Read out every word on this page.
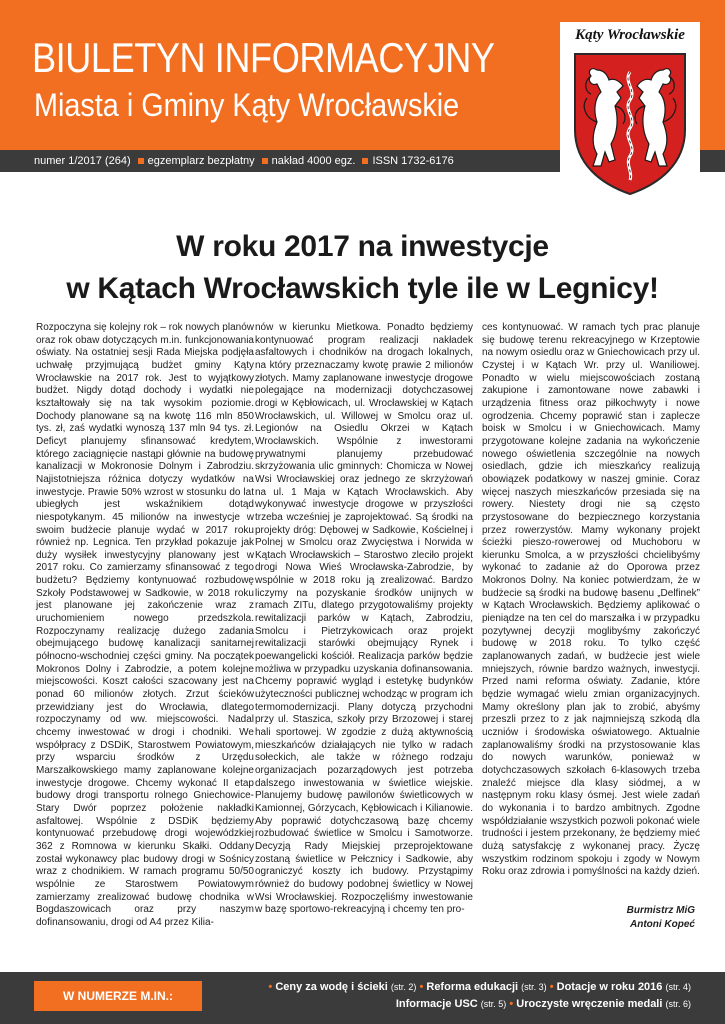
BIULETYN INFORMACYJNY
Miasta i Gminy Kąty Wrocławskie
numer 1/2017 (264) egzemplarz bezpłatny nakład 4000 egz. ISSN 1732-6176
Kąty Wrocławskie
W roku 2017 na inwestycje
w Kątach Wrocławskich tyle ile w Legnicy!

Rozpoczyna się kolejny rok – rok nowych planów oraz rok obaw dotyczących m.in. funkcjonowania oświaty. Na ostatniej sesji Rada Miejska podjęła uchwałę przyjmującą budżet gminy Kąty Wrocławskie na 2017 rok. Jest to wyjątkowy budżet. Nigdy dotąd dochody i wydatki nie kształtowały się na tak wysokim poziomie. Dochody planowane są na kwotę 116 mln 850 tys. zł, zaś wydatki wynoszą 137 mln 94 tys. zł. Deficyt planujemy sfinansować kredytem, którego zaciągnięcie nastąpi głównie na budowę kanalizacji w Mokronosie Dolnym i Zabrodziu. Najistotniejsza różnica dotyczy wydatków na inwestycje. Prawie 50% wzrost w stosunku do lat ubiegłych jest wskaźnikiem dotąd niespotykanym. 45 milionów na inwestycje w swoim budżecie planuje wydać w 2017 roku również np. Legnica. Ten przykład pokazuje jak duży wysiłek inwestycyjny planowany jest w 2017 roku. Co zamierzamy sfinansować z tego budżetu? Będziemy kontynuować rozbudowę Szkoły Podstawowej w Sadkowie, w 2018 roku jest planowane jej zakończenie wraz z uruchomieniem nowego przedszkola. Rozpoczynamy realizację dużego zadania obejmującego budowę kanalizacji sanitarnej północno-wschodniej części gminy. Na początek Mokronos Dolny i Zabrodzie, a potem kolejne miejscowości. Koszt całości szacowany jest na ponad 60 milionów złotych. Zrzut ścieków przewidziany jest do Wrocławia, dlatego rozpoczynamy od ww. miejscowości. Nadal chcemy inwestować w drogi i chodniki. We współpracy z DSDiK, Starostwem Powiatowym, przy wsparciu środków z Urzędu Marszałkowskiego mamy zaplanowane kolejne inwestycje drogowe. Chcemy wykonać II etap budowy drogi transportu rolnego Gniechowice-Stary Dwór poprzez położenie nakładki asfaltowej. Wspólnie z DSDiK będziemy kontynuować przebudowę drogi wojewódzkiej 362 z Romnowa w kierunku Skałki. Oddany został wykonawcy plac budowy drogi w Sośnicy wraz z chodnikiem. W ramach programu 50/50 wspólnie ze Starostwem Powiatowym zamierzamy zrealizować budowę chodnika w Bogdaszowicach oraz przy naszym dofinansowaniu, drogi od A4 przez Kilia-

nów w kierunku Mietkowa. Ponadto będziemy kontynuować program realizacji nakładek asfaltowych i chodników na drogach lokalnych, na który przeznaczamy kwotę prawie 2 milionów złotych. Mamy zaplanowane inwestycje drogowe polegające na modernizacji dotychczasowej drogi w Kębłowicach, ul. Wrocławskiej w Kątach Wrocławskich, ul. Willowej w Smolcu oraz ul. Legionów na Osiedlu Okrzei w Kątach Wrocławskich. Wspólnie z inwestorami prywatnymi planujemy przebudować skrzyżowania ulic gminnych: Chomicza w Nowej Wsi Wrocławskiej oraz jednego ze skrzyżowań na ul. 1 Maja w Kątach Wrocławskich. Aby wykonywać inwestycje drogowe w przyszłości trzeba wcześniej je zaprojektować. Są środki na projekty dróg: Dębowej w Sadkowie, Kościelnej i Polnej w Smolcu oraz Zwycięstwa i Norwida w Kątach Wrocławskich – Starostwo zleciło projekt drogi Nowa Wieś Wrocławska-Zabrodzie, by wspólnie w 2018 roku ją zrealizować. Bardzo liczymy na pozyskanie środków unijnych w ramach ZITu, dlatego przygotowaliśmy projekty rewitalizacji parków w Kątach, Zabrodziu, Smolcu i Pietrzykowicach oraz projekt rewitalizacji starówki obejmujący Rynek i poewangelicki kościół. Realizacja parków będzie możliwa w przypadku uzyskania dofinansowania. Chcemy poprawić wygląd i estetykę budynków użyteczności publicznej wchodząc w program ich termomodernizacji. Plany dotyczą przychodni przy ul. Staszica, szkoły przy Brzozowej i starej hali sportowej. W zgodzie z dużą aktywnością mieszkańców działających nie tylko w radach sołeckich, ale także w różnego rodzaju organizacjach pozarządowych jest potrzeba dalszego inwestowania w świetlice wiejskie. Planujemy budowę pawilonów świetlicowych w Kamionnej, Górzycach, Kębłowicach i Kilianowie. Aby poprawić dotychczasową bazę chcemy rozbudować świetlice w Smolcu i Samotworze. Decyzją Rady Miejskiej przeprojektowane zostaną świetlice w Pełcznicy i Sadkowie, aby ograniczyć koszty ich budowy. Przystąpimy również do budowy podobnej świetlicy w Nowej Wsi Wrocławskiej. Rozpoczęliśmy inwestowanie w bazę sportowo-rekreacyjną i chcemy ten pro-

ces kontynuować. W ramach tych prac planuje się budowę terenu rekreacyjnego w Krzeptowie na nowym osiedlu oraz w Gniechowicach przy ul. Czystej i w Kątach Wr. przy ul. Waniliowej. Ponadto w wielu miejscowościach zostaną zakupione i zamontowane nowe zabawki i urządzenia fitness oraz piłkochwyty i nowe ogrodzenia. Chcemy poprawić stan i zaplecze boisk w Smolcu i w Gniechowicach. Mamy przygotowane kolejne zadania na wykończenie nowego oświetlenia szczególnie na nowych osiedlach, gdzie ich mieszkańcy realizują obowiązek podatkowy w naszej gminie. Coraz więcej naszych mieszkańców przesiada się na rowery. Niestety drogi nie są często przystosowane do bezpiecznego korzystania przez rowerzystów. Mamy wykonany projekt ścieżki pieszo-rowerowej od Muchoboru w kierunku Smolca, a w przyszłości chcielibyśmy wykonać to zadanie aż do Oporowa przez Mokronos Dolny. Na koniec potwierdzam, że w budżecie są środki na budowę basenu „Delfinek” w Kątach Wrocławskich. Będziemy aplikować o pieniądze na ten cel do marszałka i w przypadku pozytywnej decyzji moglibyśmy zakończyć budowę w 2018 roku. To tylko część zaplanowanych zadań, w budżecie jest wiele mniejszych, równie bardzo ważnych, inwestycji. Przed nami reforma oświaty. Zadanie, które będzie wymagać wielu zmian organizacyjnych. Mamy określony plan jak to zrobić, abyśmy przeszli przez to z jak najmniejszą szkodą dla uczniów i środowiska oświatowego. Aktualnie zaplanowaliśmy środki na przystosowanie klas do nowych warunków, ponieważ w dotychczasowych szkołach 6-klasowych trzeba znaleźć miejsce dla klasy siódmej, a w następnym roku klasy ósmej. Jest wiele zadań do wykonania i to bardzo ambitnych. Zgodne współdziałanie wszystkich pozwoli pokonać wiele trudności i jestem przekonany, że będziemy mieć dużą satysfakcję z wykonanej pracy. Życzę wszystkim rodzinom spokoju i zgody w Nowym Roku oraz zdrowia i pomyślności na każdy dzień.

Burmistrz MiG
Antoni Kopeć
W NUMERZE M.IN.:
• Ceny za wodę i ścieki (str. 2) • Reforma edukacji (str. 3) • Dotacje w roku 2016 (str. 4)
Informacje USC (str. 5) • Uroczyste wręczenie medali (str. 6)
